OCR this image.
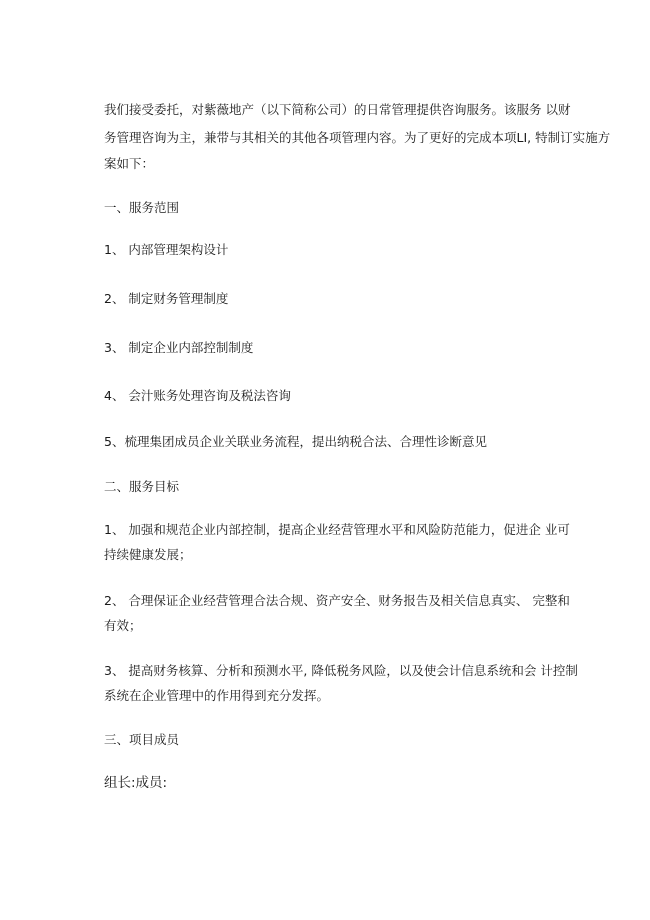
我们接受委托，对紫薇地产（以下简称公司）的日常管理提供咨询服务。该服务 以财

务管理咨询为主，兼带与其相关的其他各项管理内容。为了更好的完成本项LI, 特制订实施方

案如下：

一、服务范围

1、 内部管理架构设计

2、 制定财务管理制度

3、 制定企业内部控制制度

4、 会汁账务处理咨询及税法咨询

5、梳理集团成员企业关联业务流程，提出纳税合法、合理性诊断意见

二、服务目标

1、 加强和规范企业内部控制，提高企业经营管理水平和风险防范能力，促进企 业可

持续健康发展；

2、 合理保证企业经营管理合法合规、资产安全、财务报告及相关信息真实、 完整和

有效；

3、 提高财务核算、分析和预测水平, 降低税务风险，以及使会计信息系统和会 计控制

系统在企业管理中的作用得到充分发挥。

三、项目成员

组长:成员:
